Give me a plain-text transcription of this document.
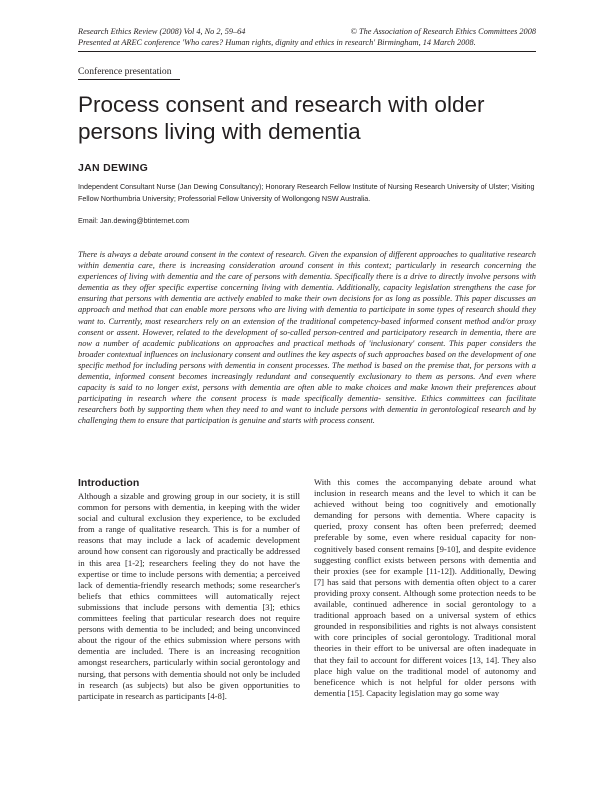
Research Ethics Review (2008) Vol 4, No 2, 59–64	© The Association of Research Ethics Committees 2008
Presented at AREC conference 'Who cares? Human rights, dignity and ethics in research' Birmingham, 14 March 2008.
Conference presentation
Process consent and research with older persons living with dementia
JAN DEWING
Independent Consultant Nurse (Jan Dewing Consultancy); Honorary Research Fellow Institute of Nursing Research University of Ulster; Visiting Fellow Northumbria University; Professorial Fellow University of Wollongong NSW Australia.
Email: Jan.dewing@btinternet.com

There is always a debate around consent in the context of research. Given the expansion of different approaches to qualitative research within dementia care, there is increasing consideration around consent in this context; particularly in research concerning the experiences of living with dementia and the care of persons with dementia. Specifically there is a drive to directly involve persons with dementia as they offer specific expertise concerning living with dementia. Additionally, capacity legislation strengthens the case for ensuring that persons with dementia are actively enabled to make their own decisions for as long as possible. This paper discusses an approach and method that can enable more persons who are living with dementia to participate in some types of research should they want to. Currently, most researchers rely on an extension of the traditional competency-based informed consent method and/or proxy consent or assent. However, related to the development of so-called person-centred and participatory research in dementia, there are now a number of academic publications on approaches and practical methods of 'inclusionary' consent. This paper considers the broader contextual influences on inclusionary consent and outlines the key aspects of such approaches based on the development of one specific method for including persons with dementia in consent processes. The method is based on the premise that, for persons with a dementia, informed consent becomes increasingly redundant and consequently exclusionary to them as persons. And even where capacity is said to no longer exist, persons with dementia are often able to make choices and make known their preferences about participating in research where the consent process is made specifically dementia- sensitive. Ethics committees can facilitate researchers both by supporting them when they need to and want to include persons with dementia in gerontological research and by challenging them to ensure that participation is genuine and starts with process consent.

Introduction

Although a sizable and growing group in our society, it is still common for persons with dementia, in keeping with the wider social and cultural exclusion they experience, to be excluded from a range of qualitative research. This is for a number of reasons that may include a lack of academic development around how consent can rigorously and practically be addressed in this area [1-2]; researchers feeling they do not have the expertise or time to include persons with dementia; a perceived lack of dementia-friendly research methods; some researcher's beliefs that ethics committees will automatically reject submissions that include persons with dementia [3]; ethics committees feeling that particular research does not require persons with dementia to be included; and being unconvinced about the rigour of the ethics submission where persons with dementia are included. There is an increasing recognition amongst researchers, particularly within social gerontology and nursing, that persons with dementia should not only be included in research (as subjects) but also be given opportunities to participate in research as participants [4-8].

With this comes the accompanying debate around what inclusion in research means and the level to which it can be achieved without being too cognitively and emotionally demanding for persons with dementia. Where capacity is queried, proxy consent has often been preferred; deemed preferable by some, even where residual capacity for non-cognitively based consent remains [9-10], and despite evidence suggesting conflict exists between persons with dementia and their proxies (see for example [11-12]). Additionally, Dewing [7] has said that persons with dementia often object to a carer providing proxy consent. Although some protection needs to be available, continued adherence in social gerontology to a traditional approach based on a universal system of ethics grounded in responsibilities and rights is not always consistent with core principles of social gerontology. Traditional moral theories in their effort to be universal are often inadequate in that they fail to account for different voices [13, 14]. They also place high value on the traditional model of autonomy and beneficence which is not helpful for older persons with dementia [15]. Capacity legislation may go some way
